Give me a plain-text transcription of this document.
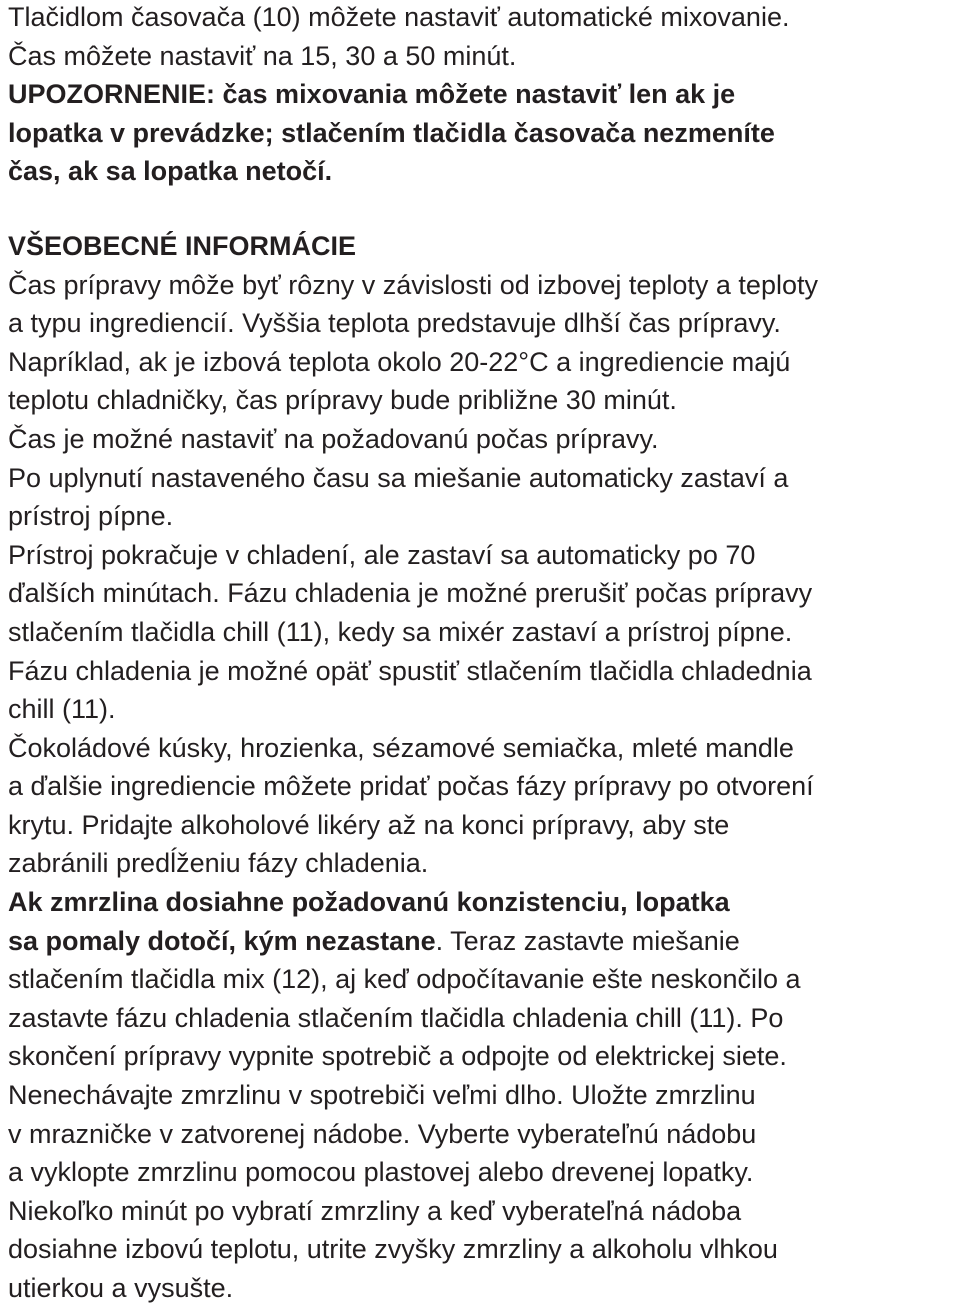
Tlačidlom časovača (10) môžete nastaviť automatické mixovanie.
Čas môžete nastaviť na 15, 30 a 50 minút.
UPOZORNENIE: čas mixovania môžete nastaviť len ak je
lopatka v prevádzke; stlačením tlačidla časovača nezmeníte
čas, ak sa lopatka netočí.
VŠEOBECNÉ INFORMÁCIE
Čas prípravy môže byť rôzny v závislosti od izbovej teploty a teploty
a typu ingrediencií. Vyššia teplota predstavuje dlhší čas prípravy.
Napríklad, ak je izbová teplota okolo 20-22°C a ingrediencie majú
teplotu chladničky, čas prípravy bude približne 30 minút.
Čas je možné nastaviť na požadovanú počas prípravy.
Po uplynutí nastaveného času sa miešanie automaticky zastaví a
prístroj pípne.
Prístroj pokračuje v chladení, ale zastaví sa automaticky po 70
ďalších minútach. Fázu chladenia je možné prerušiť počas prípravy
stlačením tlačidla chill (11), kedy sa mixér zastaví a prístroj pípne.
Fázu chladenia je možné opäť spustiť stlačením tlačidla chladednia
chill (11).
Čokoládové kúsky, hrozienka, sézamové semiačka, mleté mandle
a ďalšie ingrediencie môžete pridať počas fázy prípravy po otvorení
krytu. Pridajte alkoholové likéry až na konci prípravy, aby ste
zabránili predĺženiu fázy chladenia.
Ak zmrzlina dosiahne požadovanú konzistenciu, lopatka
sa pomaly dotočí, kým nezastane. Teraz zastavte miešanie
stlačením tlačidla mix (12), aj keď odpočítavanie ešte neskončilo a
zastavte fázu chladenia stlačením tlačidla chladenia chill (11). Po
skončení prípravy vypnite spotrebič a odpojte od elektrickej siete.
Nenechávajte zmrzlinu v spotrebiči veľmi dlho. Uložte zmrzlinu
v mrazničke v zatvorenej nádobe. Vyberte vyberateľnú nádobu
a vyklopte zmrzlinu pomocou plastovej alebo drevenej lopatky.
Niekoľko minút po vybratí zmrzliny a keď vyberateľná nádoba
dosiahne izbovú teplotu, utrite zvyšky zmrzliny a alkoholu vlhkou
utierkou a vysušte.
